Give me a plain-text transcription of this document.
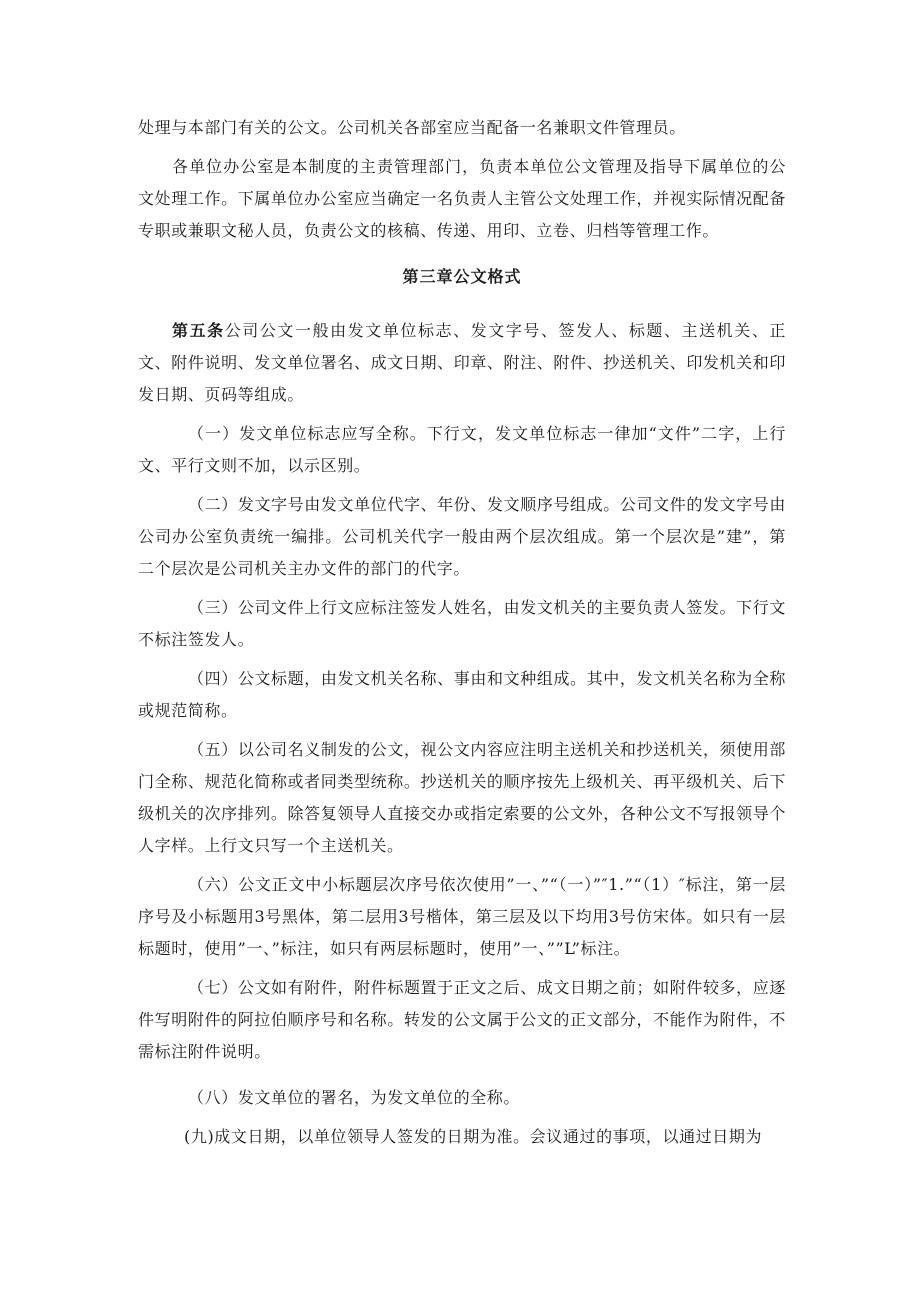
处理与本部门有关的公文。公司机关各部室应当配备一名兼职文件管理员。

各单位办公室是本制度的主责管理部门，负责本单位公文管理及指导下属单位的公文处理工作。下属单位办公室应当确定一名负责人主管公文处理工作，并视实际情况配备专职或兼职文秘人员，负责公文的核稿、传递、用印、立卷、归档等管理工作。

第三章公文格式

第五条公司公文一般由发文单位标志、发文字号、签发人、标题、主送机关、正文、附件说明、发文单位署名、成文日期、印章、附注、附件、抄送机关、印发机关和印发日期、页码等组成。

（一）发文单位标志应写全称。下行文，发文单位标志一律加“文件”二字，上行文、平行文则不加，以示区别。

（二）发文字号由发文单位代字、年份、发文顺序号组成。公司文件的发文字号由公司办公室负责统一编排。公司机关代字一般由两个层次组成。第一个层次是”建”，第二个层次是公司机关主办文件的部门的代字。

（三）公司文件上行文应标注签发人姓名，由发文机关的主要负责人签发。下行文不标注签发人。

（四）公文标题，由发文机关名称、事由和文种组成。其中，发文机关名称为全称或规范简称。

（五）以公司名义制发的公文，视公文内容应注明主送机关和抄送机关，须使用部门全称、规范化简称或者同类型统称。抄送机关的顺序按先上级机关、再平级机关、后下级机关的次序排列。除答复领导人直接交办或指定索要的公文外，各种公文不写报领导个人字样。上行文只写一个主送机关。

（六）公文正文中小标题层次序号依次使用”一、”“（一）”″1.”“（1）″标注，第一层序号及小标题用3号黑体，第二层用3号楷体，第三层及以下均用3号仿宋体。如只有一层标题时，使用”一、”标注，如只有两层标题时，使用”一、””L”标注。

（七）公文如有附件，附件标题置于正文之后、成文日期之前；如附件较多，应逐件写明附件的阿拉伯顺序号和名称。转发的公文属于公文的正文部分，不能作为附件，不需标注附件说明。

（八）发文单位的署名，为发文单位的全称。

(九)成文日期，以单位领导人签发的日期为准。会议通过的事项，以通过日期为
